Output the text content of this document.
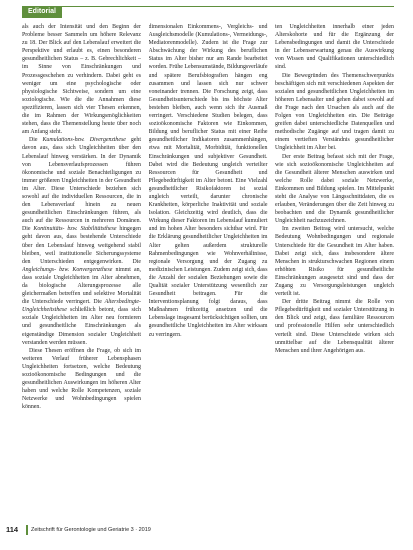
Editorial

als auch der Intensität und den Beginn der Probleme besser Sammeln um höhere Relevanz zu 18. Der Blick auf den Lebenslauf erweitert die Perspektive und erlaubt es, einen besonderen gesundheitlichen Status – z. B. Gebrechlichkeit – im Sinne von Einschränkungen und Prozessgeschehen zu verhindern. Dabei geht es weniger um eine psychologische oder physiologische Sichtweise, sondern um eine soziologische. Wie die die Annahmen diese spezifizieren, lassen sich vier Thesen erkennen, die im Rahmen der Wirkungsmöglichkeiten stehen, dass die Themenstellung heute über noch am Anfang steht.

Die Kumulations-bzw. Divergenzthese geht davon aus, dass sich Ungleichheiten über den Lebenslauf hinweg verstärken. In der Dynamik von Lebensverlaufsprozessen führen ökonomische und soziale Benachteiligungen zu immer größeren Ungleichheiten in der Gesundheit im Alter. Diese Unterschiede beziehen sich sowohl auf die individuellen Ressourcen, die in den Lebensverlauf hinein zu neuen gesundheitlichen Einschränkungen führen, als auch auf die Ressourcen in mehreren Domänen. Die Kontinuitäts- bzw. Stabilitätsthese hingegen geht davon aus, dass bestehende Unterschiede über den Lebenslauf hinweg weitgehend stabil bleiben, weil institutionelle Sicherungssysteme den Unterschieden entgegenwirken. Die Angleichungs- bzw. Konvergenzthese nimmt an, dass soziale Ungleichheiten im Alter abnehmen, da biologische Alterungsprozesse alle gleichermaßen betreffen und selektive Mortalität die Unterschiede verringert. Die Altersbedingte-Ungleichheitsthese schließlich betont, dass sich soziale Ungleichheiten im Alter neu formieren und gesundheitliche Einschränkungen als eigenständige Dimension sozialer Ungleichheit verstanden werden müssen.

Diese Thesen eröffnen die Frage, ob sich im weiteren Verlauf früherer Lebensphasen Ungleichheiten fortsetzen, welche Bedeutung sozioökonomische Bedingungen und die gesundheitlichen Auswirkungen im höheren Alter haben und welche Rolle Kompetenzen, soziale Netzwerke und Wohnbedingungen spielen können.

dimensionalen Einkommens-, Vergleichs- und Ausgleichsmodelle (Kumulations-, Vermeidungs-, Mediatorenmodelle). Zudem ist die Frage zur Abschwächung der Wirkung des beruflichen Status im Alter bisher nur am Rande bearbeitet worden. Frühe Lebensumstände, Bildungsverläufe und spätere Berufsbiografien hängen eng zusammen und lassen sich nur schwer voneinander trennen. Die Forschung zeigt, dass Gesundheitsunterschiede bis ins höchste Alter bestehen bleiben, auch wenn sich ihr Ausmaß verringert. Verschiedene Studien belegen, dass sozioökonomische Faktoren wie Einkommen, Bildung und beruflicher Status mit einer Reihe gesundheitlicher Indikatoren zusammenhängen, etwa mit Mortalität, Morbidität, funktionellen Einschränkungen und subjektiver Gesundheit. Dabei wird die Bedeutung ungleich verteilter Ressourcen für Gesundheit und Pflegebedürftigkeit im Alter betont. Eine Vielzahl gesundheitlicher Risikofaktoren ist sozial ungleich verteilt, darunter chronische Krankheiten, körperliche Inaktivität und soziale Isolation. Gleichzeitig wird deutlich, dass die Wirkung dieser Faktoren im Lebenslauf kumuliert und im hohen Alter besonders sichtbar wird. Für die Erklärung gesundheitlicher Ungleichheiten im Alter gelten außerdem strukturelle Rahmenbedingungen wie Wohnverhältnisse, regionale Versorgung und der Zugang zu medizinischen Leistungen. Zudem zeigt sich, dass die Anzahl der sozialen Beziehungen sowie die Qualität sozialer Unterstützung wesentlich zur Gesundheit beitragen. Für die Interventionsplanung folgt daraus, dass Maßnahmen frühzeitig ansetzen und die Lebenslage insgesamt berücksichtigen sollten, um gesundheitliche Ungleichheiten im Alter wirksam zu verringern.

ten Ungleichheiten innerhalb einer jeden Alterskohorte und für die Ergänzung der Lebensbedingungen und damit die Unterschiede in der Lebenserwartung genau die Auswirkung von Wissen und Qualifikationen unterschiedlich sind.

Die Bewegründen des Themenschwerpunkts beschäftigen sich mit verschiedenen Aspekten der sozialen und gesundheitlichen Ungleichheiten im höheren Lebensalter und gehen dabei sowohl auf die Frage nach den Ursachen als auch auf die Folgen von Ungleichheiten ein. Die Beiträge greifen dabei unterschiedliche Datenquellen und methodische Zugänge auf und tragen damit zu einem vertieften Verständnis gesundheitlicher Ungleichheit im Alter bei.

Der erste Beitrag befasst sich mit der Frage, wie sich sozioökonomische Ungleichheiten auf die Gesundheit älterer Menschen auswirken und welche Rolle dabei soziale Netzwerke, Einkommen und Bildung spielen. Im Mittelpunkt steht die Analyse von Längsschnittdaten, die es erlauben, Veränderungen über die Zeit hinweg zu beobachten und die Dynamik gesundheitlicher Ungleichheit nachzuzeichnen.

Im zweiten Beitrag wird untersucht, welche Bedeutung Wohnbedingungen und regionale Unterschiede für die Gesundheit im Alter haben. Dabei zeigt sich, dass insbesondere ältere Menschen in strukturschwachen Regionen einem erhöhten Risiko für gesundheitliche Einschränkungen ausgesetzt sind und dass der Zugang zu Versorgungsleistungen ungleich verteilt ist.

Der dritte Beitrag nimmt die Rolle von Pflegebedürftigkeit und sozialer Unterstützung in den Blick und zeigt, dass familiäre Ressourcen und professionelle Hilfen sehr unterschiedlich verteilt sind. Diese Unterschiede wirken sich unmittelbar auf die Lebensqualität älterer Menschen und ihrer Angehörigen aus.

114 Zeitschrift für Gerontologie und Geriatrie 3 · 2019
